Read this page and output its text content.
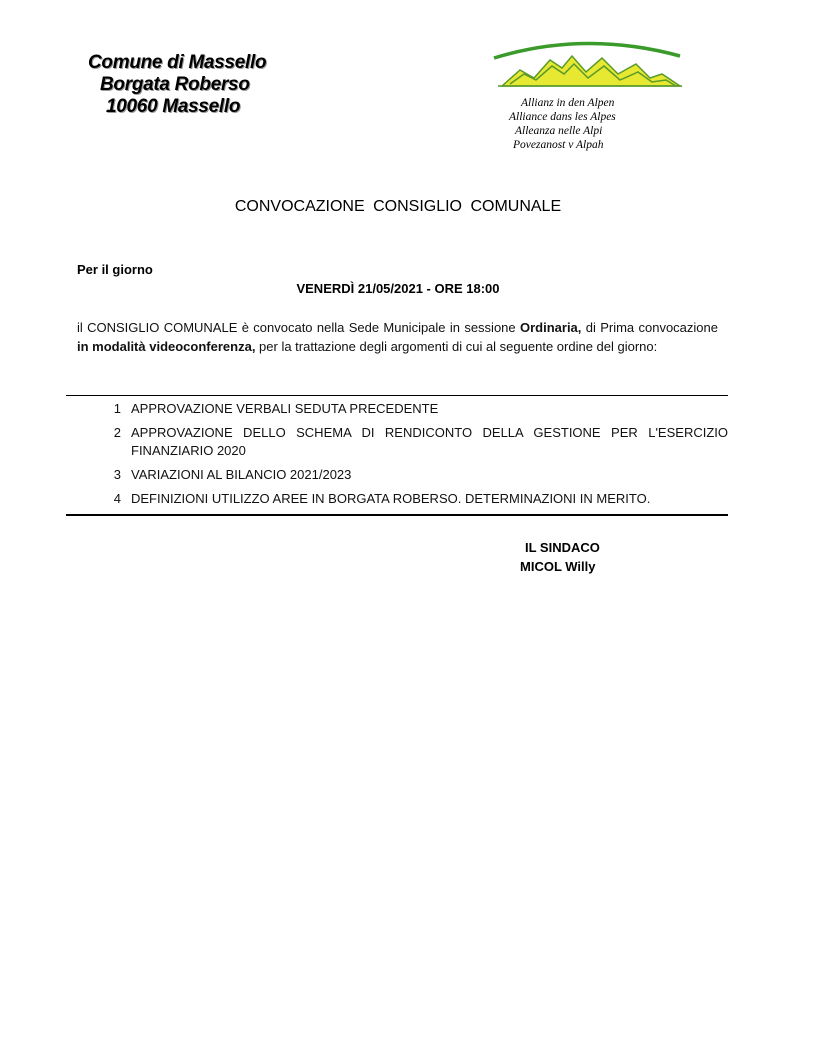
Comune di Massello
Borgata Roberso
10060 Massello	Allianz in den Alpen
Alliance dans les Alpes
Alleanza nelle Alpi
Povezanost v Alpah
CONVOCAZIONE CONSIGLIO COMUNALE
Per il giorno
VENERDÌ 21/05/2021 - ORE 18:00
il CONSIGLIO COMUNALE è convocato nella Sede Municipale in sessione Ordinaria, di Prima convocazione in modalità videoconferenza, per la trattazione degli argomenti di cui al seguente ordine del giorno:
1 APPROVAZIONE VERBALI SEDUTA PRECEDENTE
2 APPROVAZIONE DELLO SCHEMA DI RENDICONTO DELLA GESTIONE PER L'ESERCIZIO FINANZIARIO 2020
3 VARIAZIONI AL BILANCIO 2021/2023
4 DEFINIZIONI UTILIZZO AREE IN BORGATA ROBERSO. DETERMINAZIONI IN MERITO.
IL SINDACO
MICOL Willy
